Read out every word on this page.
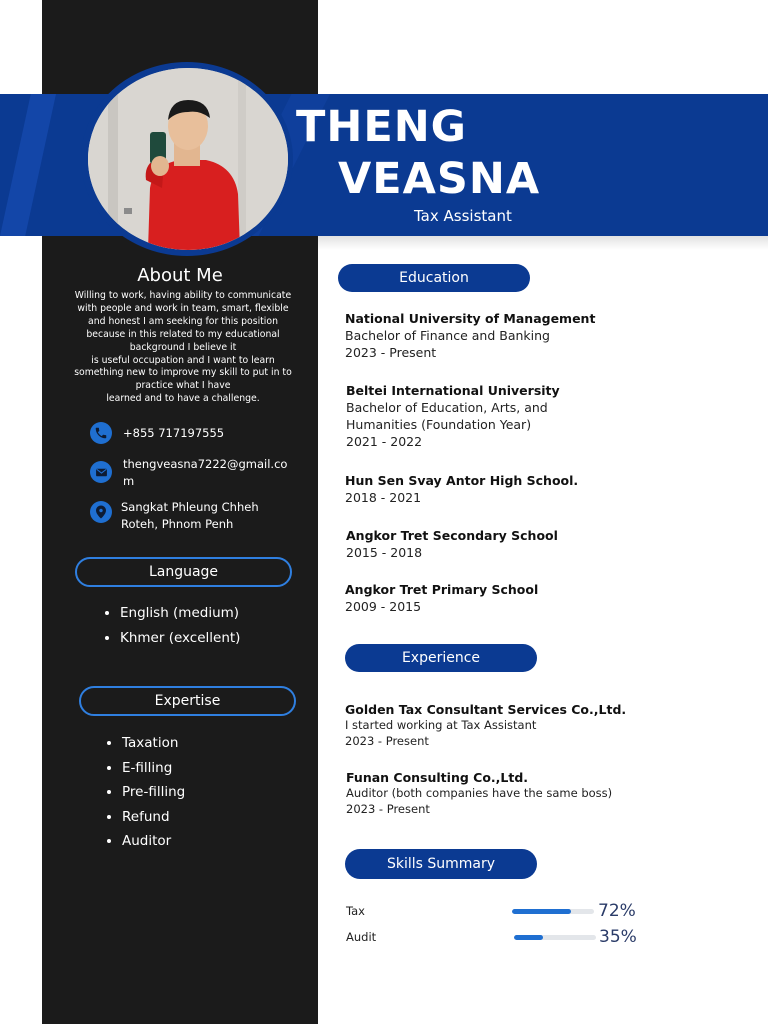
THENG
VEASNA
Tax Assistant
About Me
Willing to work, having ability to communicate
with people and work in team, smart, flexible
and honest I am seeking for this position
because in this related to my educational
background I believe it
is useful occupation and I want to learn
something new to improve my skill to put in to
practice what I have
learned and to have a challenge.
+855 717197555
thengveasna7222@gmail.co
m
Sangkat Phleung Chheh
Roteh, Phnom Penh
Language
• English (medium)
• Khmer (excellent)
Expertise
• Taxation
• E-filling
• Pre-filling
• Refund
• Auditor
Education
National University of Management
Bachelor of Finance and Banking
2023 - Present
Beltei International University
Bachelor of Education, Arts, and
Humanities (Foundation Year)
2021 - 2022
Hun Sen Svay Antor High School.
2018 - 2021
Angkor Tret Secondary School
2015 - 2018
Angkor Tret Primary School
2009 - 2015
Experience
Golden Tax Consultant Services Co.,Ltd.
I started working at Tax Assistant
2023 - Present
Funan Consulting Co.,Ltd.
Auditor (both companies have the same boss)
2023 - Present
Skills Summary
Tax	72%
Audit	35%
